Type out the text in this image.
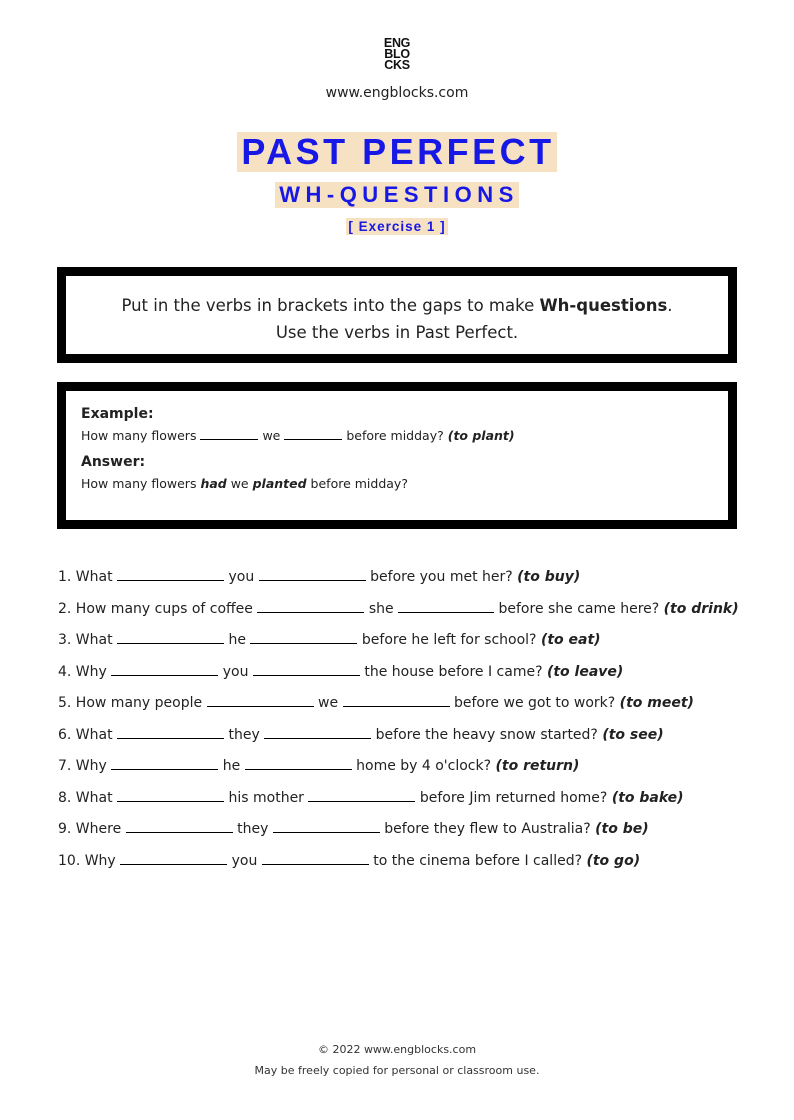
ENG
BLO
CKS
www.engblocks.com
PAST PERFECT
WH-QUESTIONS
[ Exercise 1 ]
Put in the verbs in brackets into the gaps to make Wh-questions.
Use the verbs in Past Perfect.
Example:
How many flowers	we	before midday? (to plant)
Answer:
How many flowers had we planted before midday?
1. What	you	before you met her? (to buy)
2. How many cups of coffee	she	before she came here? (to drink)
3. What	he	before he left for school? (to eat)
4. Why	you	the house before I came? (to leave)
5. How many people	we	before we got to work? (to meet)
6. What	they	before the heavy snow started? (to see)
7. Why	he	home by 4 o'clock? (to return)
8. What	his mother	before Jim returned home? (to bake)
9. Where	they	before they flew to Australia? (to be)
10. Why	you	to the cinema before I called? (to go)
© 2022 www.engblocks.com
May be freely copied for personal or classroom use.
